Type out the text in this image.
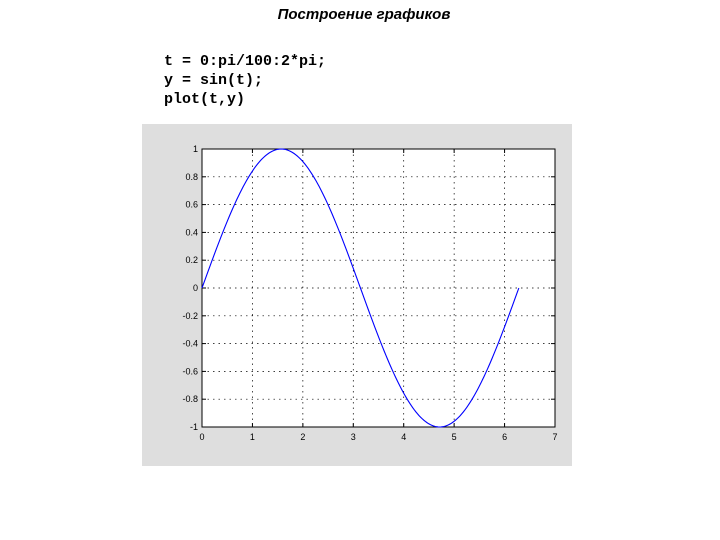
Построение графиков
t = 0:pi/100:2*pi;
y = sin(t);
plot(t,y)
0	1	2	3	4	5	6	7
-1
-0.8
-0.6
-0.4
-0.2
0
0.2
0.4
0.6
0.8
1
